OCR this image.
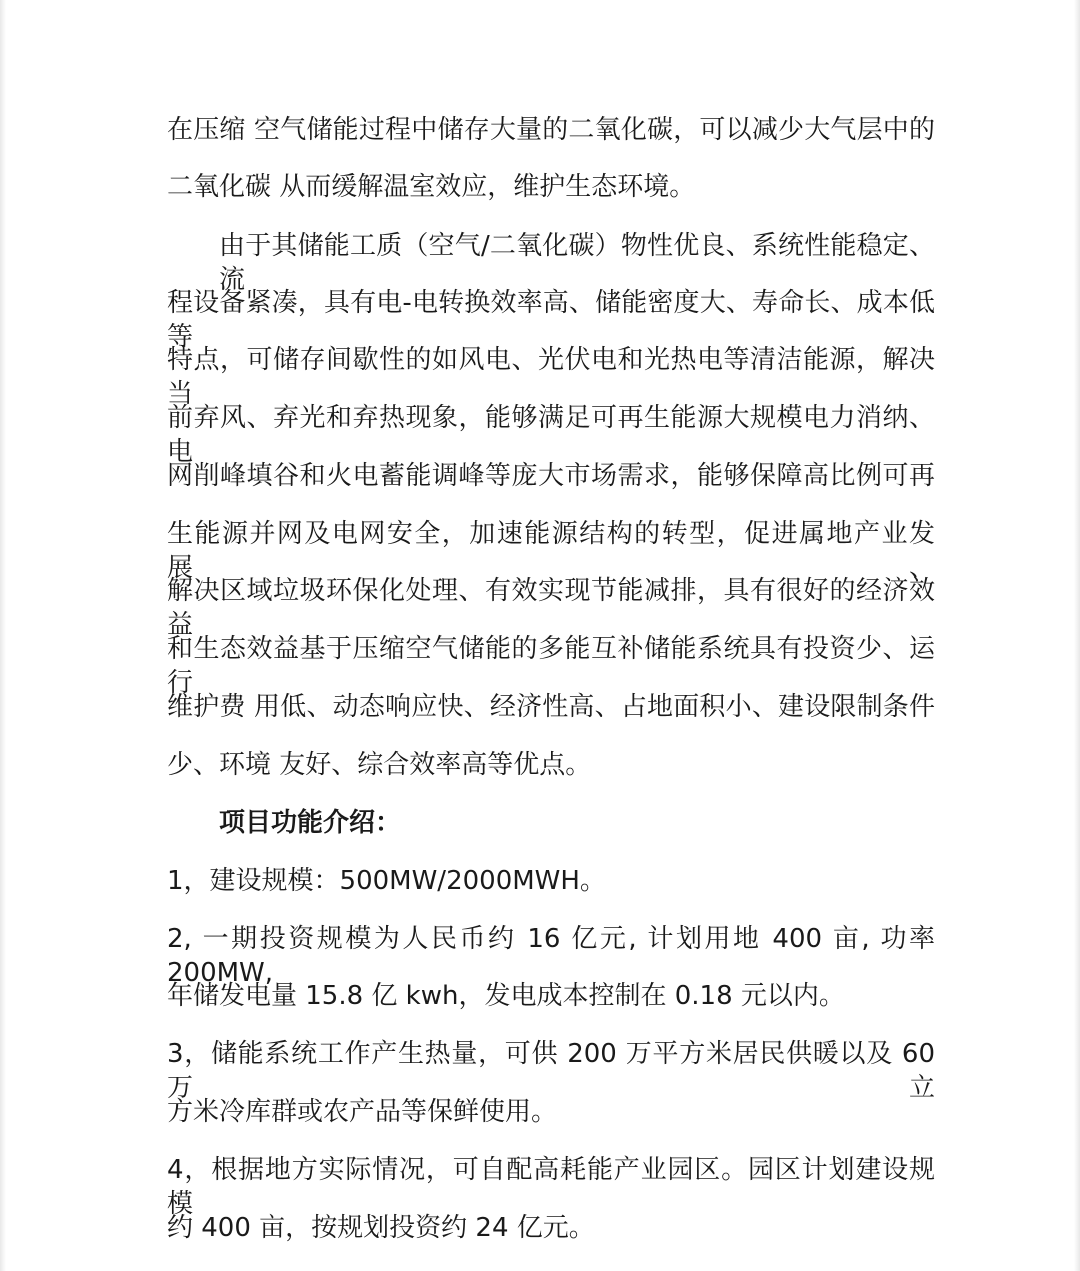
在压缩 空气储能过程中储存大量的二氧化碳，可以减少大气层中的
二氧化碳 从而缓解温室效应，维护生态环境。
由于其储能工质（空气/二氧化碳）物性优良、系统性能稳定、 流
程设备紧凑，具有电-电转换效率高、储能密度大、寿命长、成本低等
特点，可储存间歇性的如风电、光伏电和光热电等清洁能源，解决当
前弃风、弃光和弃热现象，能够满足可再生能源大规模电力消纳、 电
网削峰填谷和火电蓄能调峰等庞大市场需求，能够保障高比例可再
生能源并网及电网安全，加速能源结构的转型，促进属地产业发展、
解决区域垃圾环保化处理、有效实现节能减排，具有很好的经济效益
和生态效益基于压缩空气储能的多能互补储能系统具有投资少、运行
维护费 用低、动态响应快、经济性高、占地面积小、建设限制条件
少、环境 友好、综合效率高等优点。
项目功能介绍：
1，建设规模：500MW/2000MWH。
2, 一期投资规模为人民币约 16 亿元, 计划用地 400 亩, 功率 200MW,
年储发电量 15.8 亿 kwh，发电成本控制在 0.18 元以内。
3，储能系统工作产生热量，可供 200 万平方米居民供暖以及 60 万立
方米冷库群或农产品等保鲜使用。
4，根据地方实际情况，可自配高耗能产业园区。园区计划建设规模
约 400 亩，按规划投资约 24 亿元。
